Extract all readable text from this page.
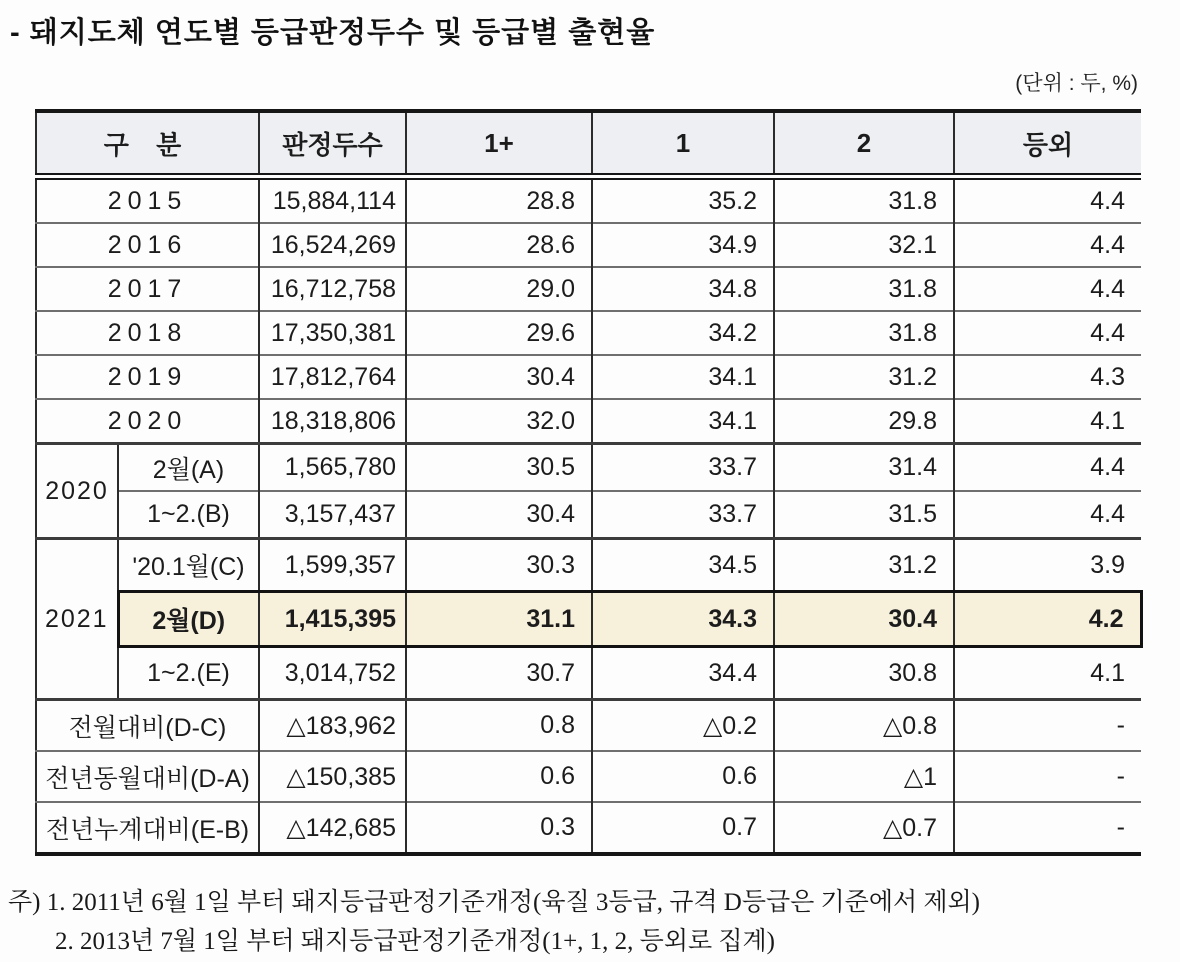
- 돼지도체 연도별 등급판정두수 및 등급별 출현율
(단위 : 두, %)
구 분		판정두수	1+	1	2	등외
2015		15,884,114	28.8	35.2	31.8	4.4
2016		16,524,269	28.6	34.9	32.1	4.4
2017		16,712,758	29.0	34.8	31.8	4.4
2018		17,350,381	29.6	34.2	31.8	4.4
2019		17,812,764	30.4	34.1	31.2	4.3
2020		18,318,806	32.0	34.1	29.8	4.1
2020	2월(A)	1,565,780	30.5	33.7	31.4	4.4
	1~2.(B)	3,157,437	30.4	33.7	31.5	4.4
2021	'20.1월(C)	1,599,357	30.3	34.5	31.2	3.9
	2월(D)	1,415,395	31.1	34.3	30.4	4.2
	1~2.(E)	3,014,752	30.7	34.4	30.8	4.1
전월대비(D-C)		△183,962	0.8	△0.2	△0.8	-
전년동월대비(D-A)		△150,385	0.6	0.6	△1	-
전년누계대비(E-B)		△142,685	0.3	0.7	△0.7	-
주) 1. 2011년 6월 1일 부터 돼지등급판정기준개정(육질 3등급, 규격 D등급은 기준에서 제외)
2. 2013년 7월 1일 부터 돼지등급판정기준개정(1+, 1, 2, 등외로 집계)
